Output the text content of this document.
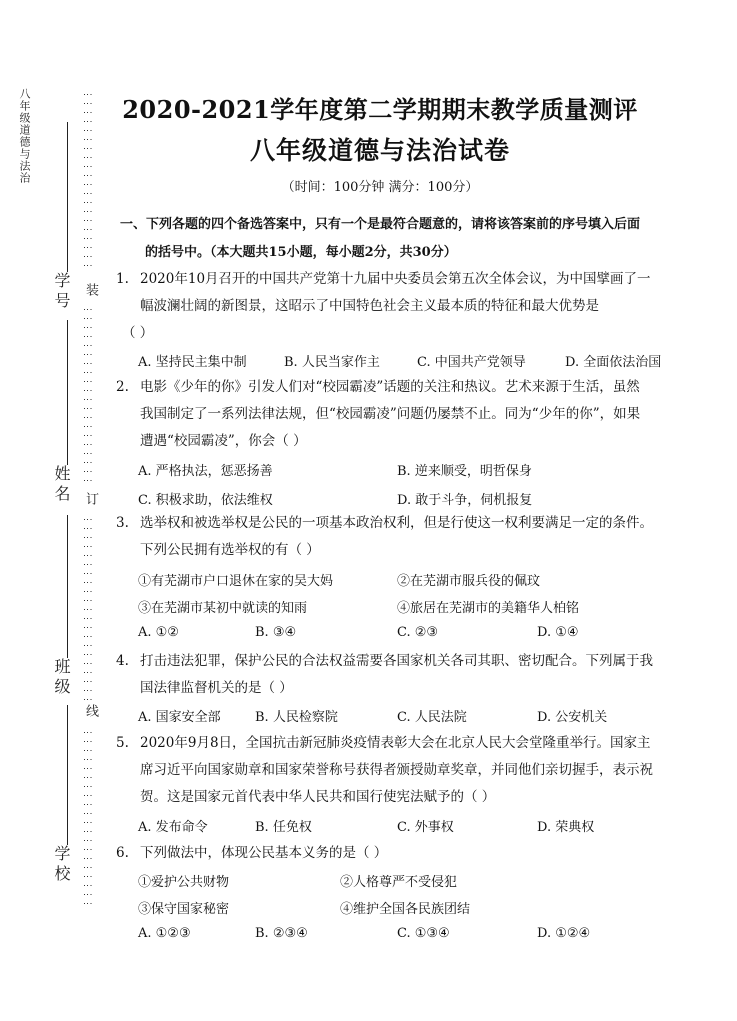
八年级道德与法治
学号
姓名
班级
学校
⋮⋮⋮⋮⋮⋮⋮⋮⋮⋮⋮⋮⋮⋮⋮⋮⋮⋮⋮⋮
装
⋮⋮⋮⋮⋮⋮⋮⋮⋮⋮⋮⋮⋮⋮⋮⋮⋮⋮⋮⋮
订
⋮⋮⋮⋮⋮⋮⋮⋮⋮⋮⋮⋮⋮⋮⋮⋮⋮⋮⋮⋮⋮
线
⋮⋮⋮⋮⋮⋮⋮⋮⋮⋮⋮⋮⋮⋮⋮⋮⋮⋮⋮⋮
2020-2021学年度第二学期期末教学质量测评
八年级道德与法治试卷
（时间：100分钟 满分：100分）
一、下列各题的四个备选答案中，只有一个是最符合题意的，请将该答案前的序号填入后面
的括号中。（本大题共15小题，每小题2分，共30分）
1. 2020年10月召开的中国共产党第十九届中央委员会第五次全体会议，为中国擘画了一
幅波澜壮阔的新图景，这昭示了中国特色社会主义最本质的特征和最大优势是
（ ）
A. 坚持民主集中制	B. 人民当家作主	C. 中国共产党领导	D. 全面依法治国
2. 电影《少年的你》引发人们对“校园霸凌”话题的关注和热议。艺术来源于生活，虽然
我国制定了一系列法律法规，但“校园霸凌”问题仍屡禁不止。同为“少年的你”，如果
遭遇“校园霸凌”，你会（ ）
A. 严格执法，惩恶扬善	B. 逆来顺受，明哲保身
C. 积极求助，依法维权	D. 敢于斗争，伺机报复
3. 选举权和被选举权是公民的一项基本政治权利，但是行使这一权利要满足一定的条件。
下列公民拥有选举权的有（ ）
①有芜湖市户口退休在家的吴大妈	②在芜湖市服兵役的佩玟
③在芜湖市某初中就读的知雨	④旅居在芜湖市的美籍华人柏铭
A. ①②	B. ③④	C. ②③	D. ①④
4. 打击违法犯罪，保护公民的合法权益需要各国家机关各司其职、密切配合。下列属于我
国法律监督机关的是（ ）
A. 国家安全部	B. 人民检察院	C. 人民法院	D. 公安机关
5. 2020年9月8日，全国抗击新冠肺炎疫情表彰大会在北京人民大会堂隆重举行。国家主
席习近平向国家勋章和国家荣誉称号获得者颁授勋章奖章，并同他们亲切握手，表示祝
贺。这是国家元首代表中华人民共和国行使宪法赋予的（ ）
A. 发布命令	B. 任免权	C. 外事权	D. 荣典权
6. 下列做法中，体现公民基本义务的是（ ）
①爱护公共财物	②人格尊严不受侵犯
③保守国家秘密	④维护全国各民族团结
A. ①②③	B. ②③④	C. ①③④	D. ①②④
